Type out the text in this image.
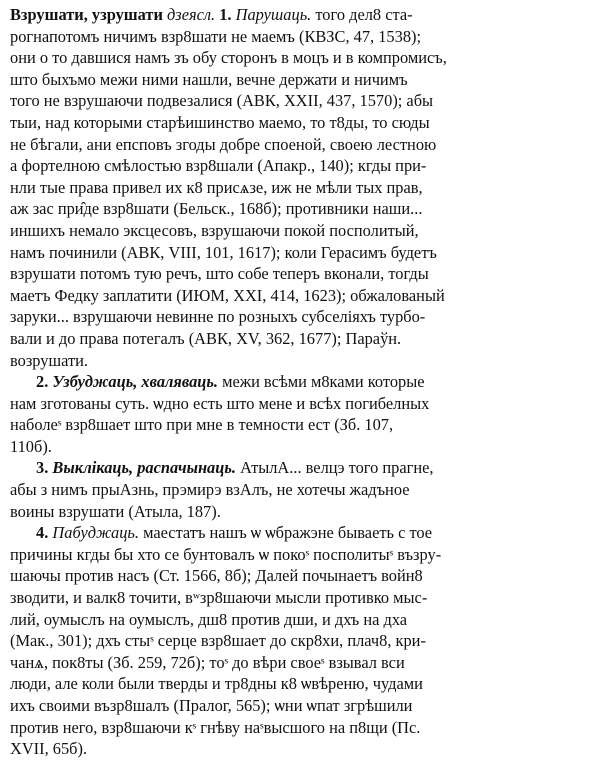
Взрушати, узрушати дзеясл. 1. Парушаць. того дел8 ста-
рогнапотомъ ничимъ взр8шати не маемъ (КВЗС, 47, 1538);
они о то давшися намъ зъ обу сторонъ в моцъ и в компромисъ,
што быхъмо межи ними нашли, вечне держати и ничимъ
того не взрушаючи подвезалися (АВК, XXII, 437, 1570); абы
тыи, над которыми старѣишинство маемо, то т8ды, то сюды
не бѣгали, ани епсповъ згоды добре споеной, своею лестною
а фортелною смѣлостью взр8шали (Апакр., 140); кгды при-
нли тые права привел их к8 присѧзе, иж не мѣли тых прав,
аж зас при̂де взр8шати (Бельск., 168б); противники наши...
иншихъ немало эксцесовъ, взрушаючи покой посполитый,
намъ починили (АВК, VIII, 101, 1617); коли Герасимъ будетъ
взрушати потомъ тую речъ, што собе теперъ вконали, тогды
маетъ Федку заплатити (ИЮМ, XXI, 414, 1623); обжалованый
заруки... взрушаючи невинне по розныхъ субселiяхъ турбо-
вали и до права потегалъ (АВК, XV, 362, 1677); Параўн.
возрушати.

2. Узбуджаць, хваляваць. межи всѣми м8ками которые
нам зготованы суть. ѡдно есть што мене и всѣх погибелных
наболеˢ взр8шает што при мне в темности ест (Зб. 107,
110б).

3. Выклiкаць, распачынаць. АтылА... велцэ того прагне,
абы з нимъ прыАзнь, прэмирэ взАлъ, не хотечы жадъное
воины взрушати (Атыла, 187).

4. Пабуджаць. маестатъ нашъ ѡ ѡбражэне бываеть с тое
причины кгды бы хто се бунтовалъ ѡ покоˢ посполитыˢ възру-
шаючы против насъ (Ст. 1566, 8б); Далей почынаетъ войн8
зводити, и валк8 точити, вʷзр8шаючи мысли противко мыс-
лий, оумыслъ на оумыслъ, дш8 против дши, и дхъ на дха
(Мак., 301); дхъ стыˢ серце взр8шает до скр8хи, плач8, кри-
чанѧ, пок8ты (Зб. 259, 72б); тоˢ до вѣри своеˢ взывал вси
люди, але коли были тверды и тр8дны к8 ѡвѣреню, чудами
ихъ своими възр8шалъ (Пралог, 565); ѡни ѡпат згрѣшили
против него, взр8шаючи кˢ гнѣву наˢвысшого на п8щи (Пс.
XVII, 65б).
